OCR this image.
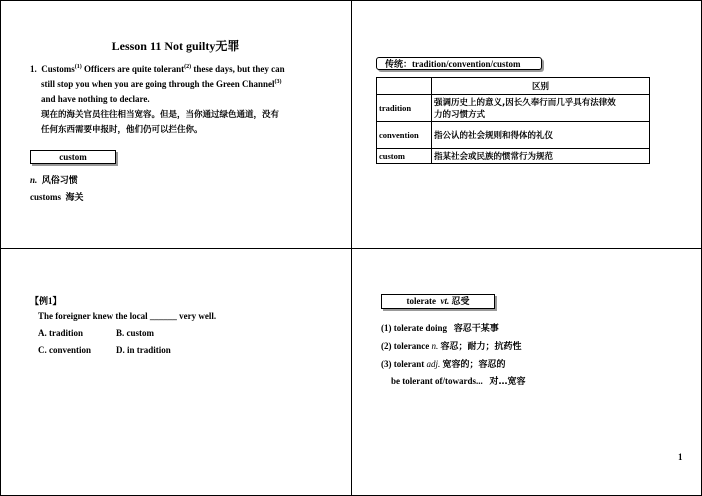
Lesson 11 Not guilty无罪
1. Customs$^{(1)}$ Officers are quite tolerant$^{(2)}$ these days, but they can
still stop you when you are going through the Green Channel$^{(3)}$
and have nothing to declare.
现在的海关官员往往相当宽容。但是，当你通过绿色通道，没有
任何东西需要申报时，他们仍可以拦住你。
custom
n. 风俗习惯
customs 海关
传统：tradition/convention/custom
	区别
tradition	强调历史上的意义,因长久奉行而几乎具有法律效
力的习惯方式

convention	指公认的社会规则和得体的礼仪
custom	指某社会或民族的惯常行为规范
【例1】
The foreigner knew the local ______ very well.
A. tradition	B. custom
C. convention	D. in tradition
tolerate vt. 忍受
(1) tolerate doing 容忍干某事
(2) tolerance n. 容忍；耐力；抗药性
(3) tolerant adj. 宽容的；容忍的
be tolerant of/towards... 对…宽容
1
